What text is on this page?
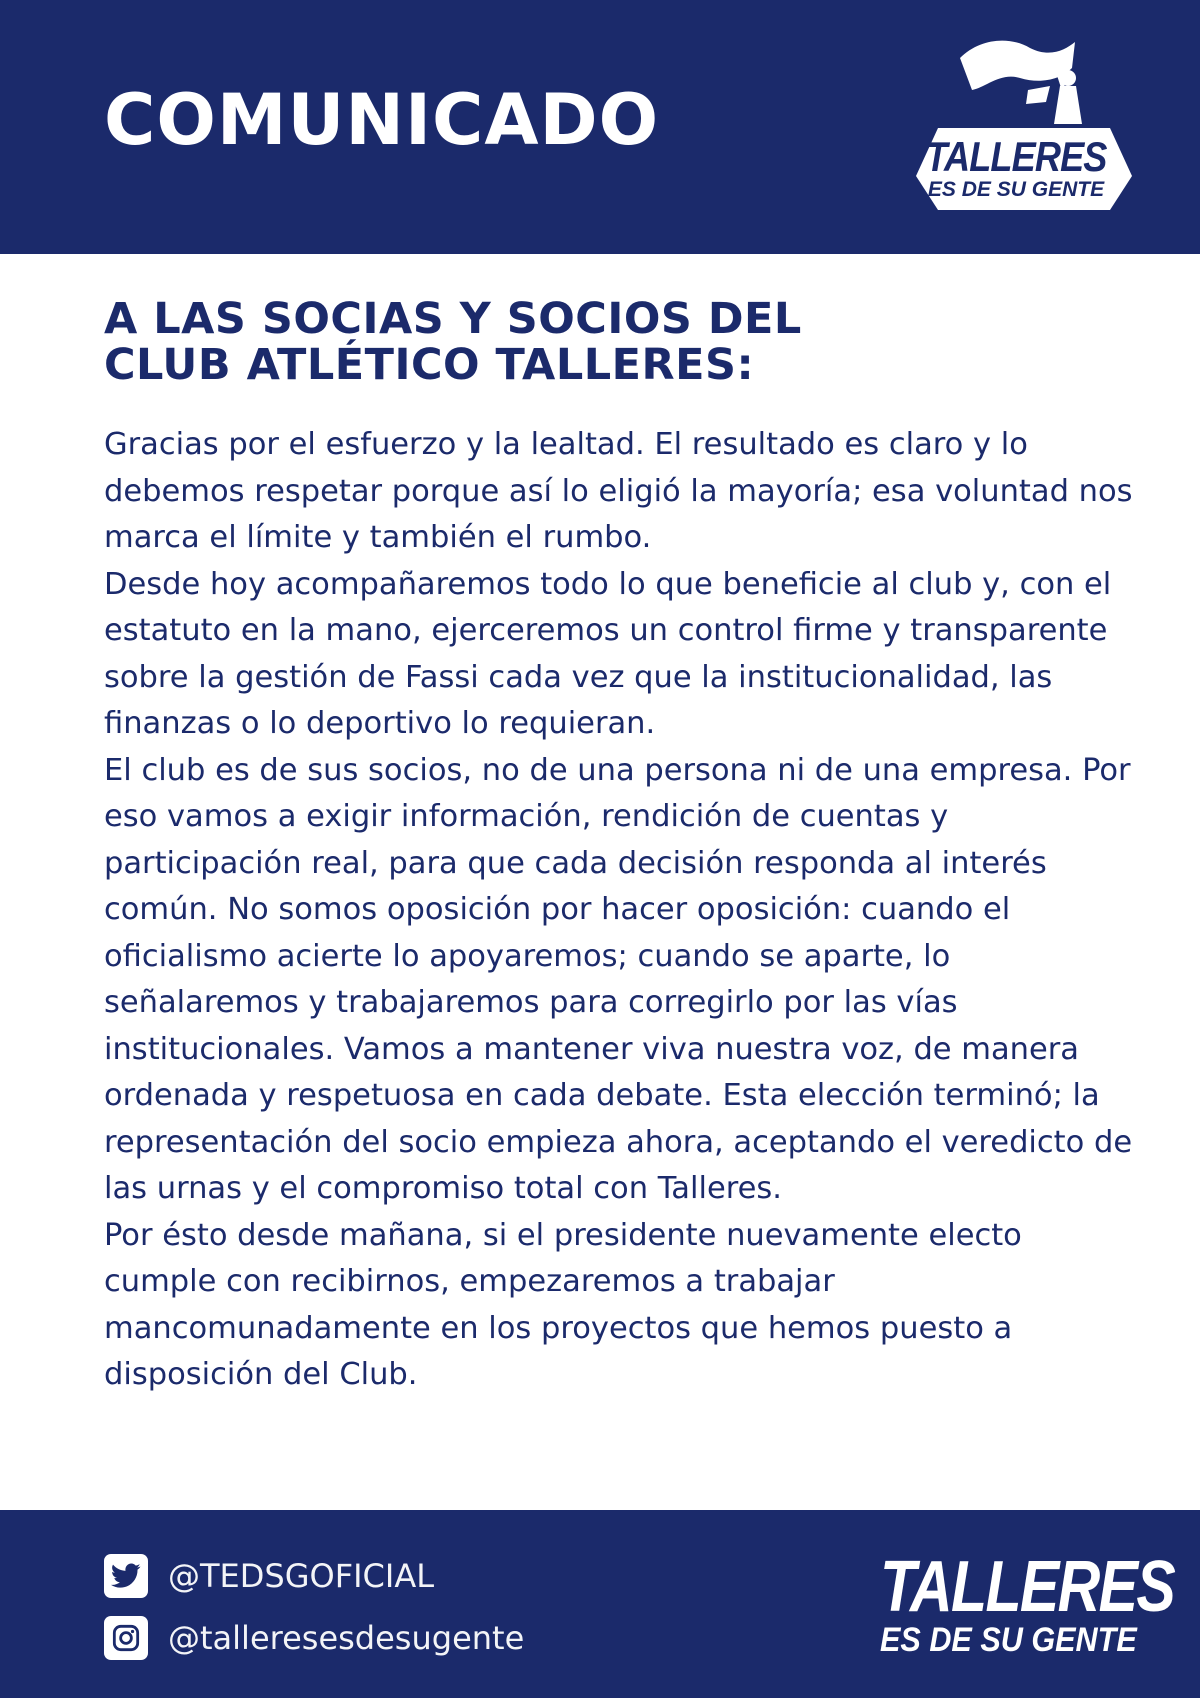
COMUNICADO	TALLERES
ES DE SU GENTE
A LAS SOCIAS Y SOCIOS DEL
CLUB ATLÉTICO TALLERES:

Gracias por el esfuerzo y la lealtad. El resultado es claro y lo debemos respetar porque así lo eligió la mayoría; esa voluntad nos marca el límite y también el rumbo.

Desde hoy acompañaremos todo lo que beneficie al club y, con el estatuto en la mano, ejerceremos un control firme y transparente sobre la gestión de Fassi cada vez que la institucionalidad, las finanzas o lo deportivo lo requieran.

El club es de sus socios, no de una persona ni de una empresa. Por eso vamos a exigir información, rendición de cuentas y participación real, para que cada decisión responda al interés común. No somos oposición por hacer oposición: cuando el oficialismo acierte lo apoyaremos; cuando se aparte, lo señalaremos y trabajaremos para corregirlo por las vías institucionales. Vamos a mantener viva nuestra voz, de manera ordenada y respetuosa en cada debate. Esta elección terminó; la representación del socio empieza ahora, aceptando el veredicto de las urnas y el compromiso total con Talleres.

Por ésto desde mañana, si el presidente nuevamente electo cumple con recibirnos, empezaremos a trabajar mancomunadamente en los proyectos que hemos puesto a disposición del Club.

@TEDSGOFICIAL
@talleresesdesugente
TALLERES
ES DE SU GENTE
